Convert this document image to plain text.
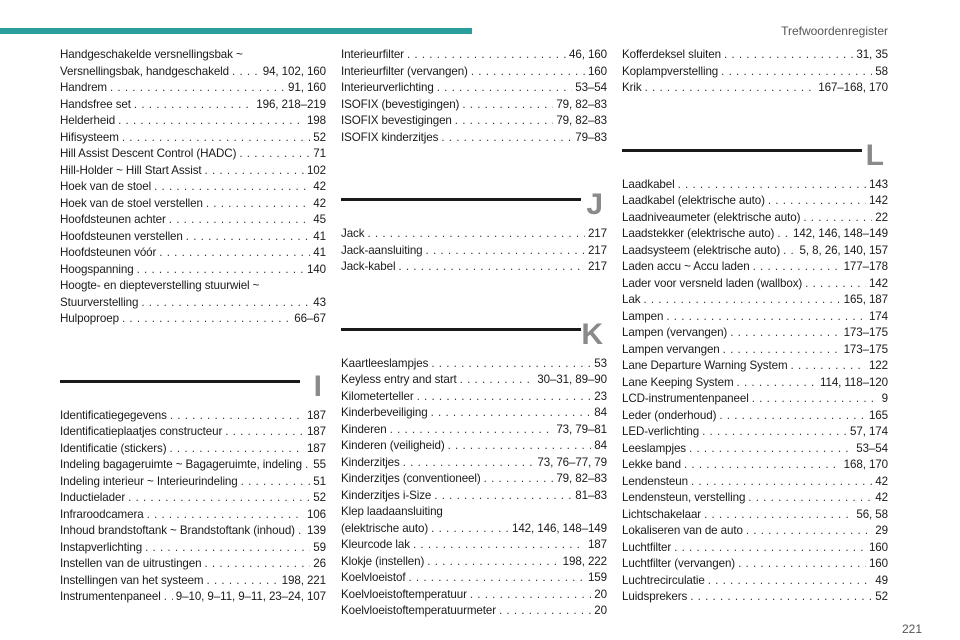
Trefwoordenregister
Handgeschakelde versnellingsbak ~
Versnellingsbak, handgeschakeld . . .	94, 102, 160
Handrem . . .	91, 160
Handsfree set . . .	196, 218–219
Helderheid . . .	198
Hifisysteem . . .	52
Hill Assist Descent Control (HADC) . . .	71
Hill-Holder ~ Hill Start Assist . . .	102
Hoek van de stoel . . .	42
Hoek van de stoel verstellen . . .	42
Hoofdsteunen achter . . .	45
Hoofdsteunen verstellen . . .	41
Hoofdsteunen vóór . . .	41
Hoogspanning . . .	140
Hoogte- en diepteverstelling stuurwiel ~
Stuurverstelling . . .	43
Hulpoproep . . .	66–67
I
Identificatiegegevens . . .	187
Identificatieplaatjes constructeur . . .	187
Identificatie (stickers) . . .	187
Indeling bagageruimte ~ Bagageruimte, indeling . . . 55
Indeling interieur ~ Interieurindeling . . .	51
Inductielader . . .	52
Infraroodcamera . . .	106
Inhoud brandstoftank ~ Brandstoftank (inhoud) . . . 139
Instapverlichting . . .	59
Instellen van de uitrustingen . . .	26
Instellingen van het systeem . . .	198, 221
Instrumentenpaneel . . . 9–10, 9–11, 9–11, 23–24, 107
Interieurfilter . . .	46, 160
Interieurfilter (vervangen) . . .	160
Interieurverlichting . . .	53–54
ISOFIX (bevestigingen) . . .	79, 82–83
ISOFIX bevestigingen . . .	79, 82–83
ISOFIX kinderzitjes . . .	79–83
J
Jack . . .	217
Jack-aansluiting . . .	217
Jack-kabel . . .	217
K
Kaartleeslampjes . . .	53
Keyless entry and start . . .	30–31, 89–90
Kilometerteller . . .	23
Kinderbeveiliging . . .	84
Kinderen . . .	73, 79–81
Kinderen (veiligheid) . . .	84
Kinderzitjes . . .	73, 76–77, 79
Kinderzitjes (conventioneel) . . .	79, 82–83
Kinderzitjes i-Size . . .	81–83
Klep laadaansluiting
(elektrische auto) . . .	142, 146, 148–149
Kleurcode lak . . .	187
Klokje (instellen) . . .	198, 222
Koelvloeistof . . .	159
Koelvloeistoftemperatuur . . .	20
Koelvloeistoftemperatuurmeter . . .	20
Kofferdeksel sluiten . . .	31, 35
Koplampverstelling . . .	58
Krik . . .	167–168, 170
L
Laadkabel . . .	143
Laadkabel (elektrische auto) . . .	142
Laadniveaumeter (elektrische auto) . . .	22
Laadstekker (elektrische auto) . . . 142, 146, 148–149
Laadsysteem (elektrische auto) . . . 5, 8, 26, 140, 157
Laden accu ~ Accu laden . . .	177–178
Lader voor versneld laden (wallbox) . . .	142
Lak . . .	165, 187
Lampen . . .	174
Lampen (vervangen) . . .	173–175
Lampen vervangen . . .	173–175
Lane Departure Warning System . . .	122
Lane Keeping System . . .	114, 118–120
LCD-instrumentenpaneel . . .	9
Leder (onderhoud) . . .	165
LED-verlichting . . .	57, 174
Leeslampjes . . .	53–54
Lekke band . . .	168, 170
Lendensteun . . .	42
Lendensteun, verstelling . . .	42
Lichtschakelaar . . .	56, 58
Lokaliseren van de auto . . .	29
Luchtfilter . . .	160
Luchtfilter (vervangen) . . .	160
Luchtrecirculatie . . .	49
Luidsprekers . . .	52
221
